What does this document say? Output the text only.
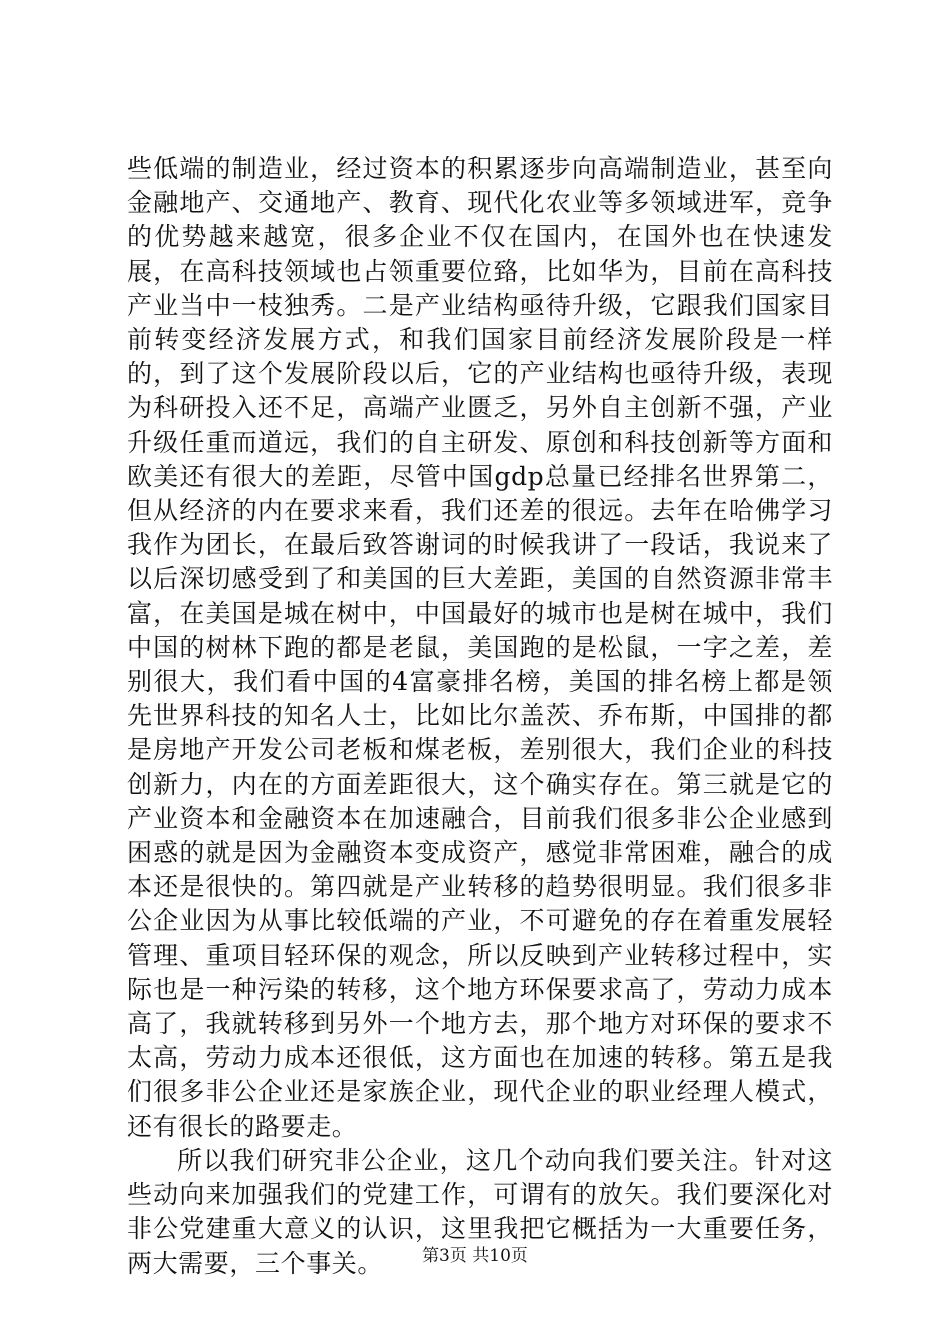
些低端的制造业，经过资本的积累逐步向高端制造业，甚至向金融地产、交通地产、教育、现代化农业等多领域进军，竞争的优势越来越宽，很多企业不仅在国内，在国外也在快速发展，在高科技领域也占领重要位臵，比如华为，目前在高科技产业当中一枝独秀。二是产业结构亟待升级，它跟我们国家目前转变经济发展方式，和我们国家目前经济发展阶段是一样的，到了这个发展阶段以后，它的产业结构也亟待升级，表现为科研投入还不足，高端产业匮乏，另外自主创新不强，产业升级任重而道远，我们的自主研发、原创和科技创新等方面和欧美还有很大的差距，尽管中国gdp总量已经排名世界第二，但从经济的内在要求来看，我们还差的很远。去年在哈佛学习我作为团长，在最后致答谢词的时候我讲了一段话，我说来了以后深切感受到了和美国的巨大差距，美国的自然资源非常丰富，在美国是城在树中，中国最好的城市也是树在城中，我们中国的树林下跑的都是老鼠，美国跑的是松鼠，一字之差，差别很大，我们看中国的4富豪排名榜，美国的排名榜上都是领先世界科技的知名人士，比如比尔盖茨、乔布斯，中国排的都是房地产开发公司老板和煤老板，差别很大，我们企业的科技创新力，内在的方面差距很大，这个确实存在。第三就是它的产业资本和金融资本在加速融合，目前我们很多非公企业感到困惑的就是因为金融资本变成资产，感觉非常困难，融合的成本还是很快的。第四就是产业转移的趋势很明显。我们很多非公企业因为从事比较低端的产业，不可避免的存在着重发展轻管理、重项目轻环保的观念，所以反映到产业转移过程中，实际也是一种污染的转移，这个地方环保要求高了，劳动力成本高了，我就转移到另外一个地方去，那个地方对环保的要求不太高，劳动力成本还很低，这方面也在加速的转移。第五是我们很多非公企业还是家族企业，现代企业的职业经理人模式，还有很长的路要走。

所以我们研究非公企业，这几个动向我们要关注。针对这些动向来加强我们的党建工作，可谓有的放矢。我们要深化对非公党建重大意义的认识，这里我把它概括为一大重要任务，两大需要，三个事关。	第3页 共10页
